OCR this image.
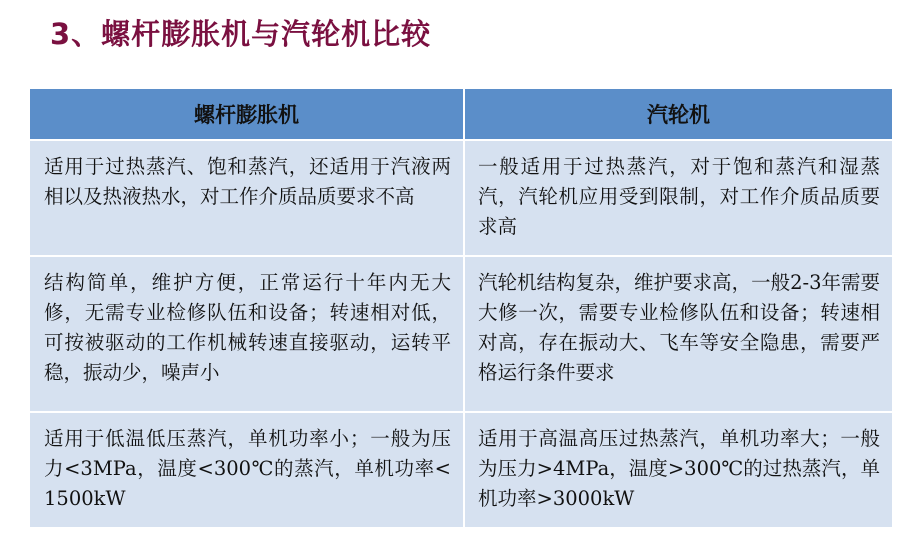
3、螺杆膨胀机与汽轮机比较
螺杆膨胀机	汽轮机
适用于过热蒸汽、饱和蒸汽，还适用于汽液两相以及热液热水，对工作介质品质要求不高	一般适用于过热蒸汽，对于饱和蒸汽和湿蒸汽，汽轮机应用受到限制，对工作介质品质要求高
结构简单，维护方便，正常运行十年内无大修，无需专业检修队伍和设备；转速相对低，可按被驱动的工作机械转速直接驱动，运转平稳，振动少，噪声小	汽轮机结构复杂，维护要求高，一般2-3年需要大修一次，需要专业检修队伍和设备；转速相对高，存在振动大、飞车等安全隐患，需要严格运行条件要求
适用于低温低压蒸汽，单机功率小；一般为压力<3MPa，温度<300℃的蒸汽，单机功率<1500kW	适用于高温高压过热蒸汽，单机功率大；一般为压力>4MPa，温度>300℃的过热蒸汽，单机功率>3000kW
